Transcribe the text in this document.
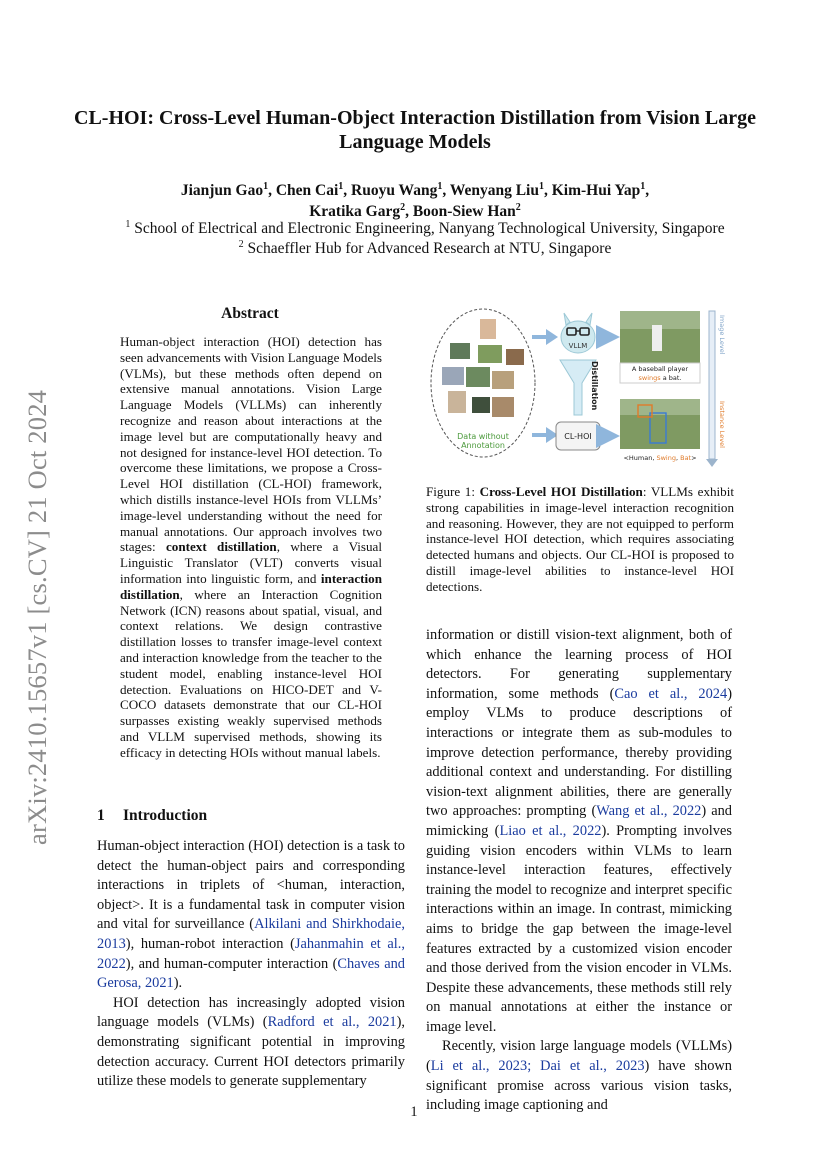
arXiv:2410.15657v1 [cs.CV] 21 Oct 2024
CL-HOI: Cross-Level Human-Object Interaction Distillation from Vision Large Language Models
Jianjun Gao$^1$, Chen Cai$^1$, Ruoyu Wang$^1$, Wenyang Liu$^1$, Kim-Hui Yap$^1$,
Kratika Garg$^2$, Boon-Siew Han$^2$
$^1$ School of Electrical and Electronic Engineering, Nanyang Technological University, Singapore
$^2$ Schaeffler Hub for Advanced Research at NTU, Singapore
Abstract
Human-object interaction (HOI) detection has seen advancements with Vision Language Models (VLMs), but these methods often depend on extensive manual annotations. Vision Large Language Models (VLLMs) can inherently recognize and reason about interactions at the image level but are computationally heavy and not designed for instance-level HOI detection. To overcome these limitations, we propose a Cross-Level HOI distillation (CL-HOI) framework, which distills instance-level HOIs from VLLMs’ image-level understanding without the need for manual annotations. Our approach involves two stages: context distillation, where a Visual Linguistic Translator (VLT) converts visual information into linguistic form, and interaction distillation, where an Interaction Cognition Network (ICN) reasons about spatial, visual, and context relations. We design contrastive distillation losses to transfer image-level context and interaction knowledge from the teacher to the student model, enabling instance-level HOI detection. Evaluations on HICO-DET and V-COCO datasets demonstrate that our CL-HOI surpasses existing weakly supervised methods and VLLM supervised methods, showing its efficacy in detecting HOIs without manual labels.
1 Introduction

Human-object interaction (HOI) detection is a task to detect the human-object pairs and corresponding interactions in triplets of <human, interaction, object>. It is a fundamental task in computer vision and vital for surveillance (Alkilani and Shirkhodaie, 2013), human-robot interaction (Jahanmahin et al., 2022), and human-computer interaction (Chaves and Gerosa, 2021).

HOI detection has increasingly adopted vision language models (VLMs) (Radford et al., 2021), demonstrating significant potential in improving detection accuracy. Current HOI detectors primarily utilize these models to generate supplementary

Data without
Annotation
VLLM
Distillation
CL-HOI
A baseball player
swings a bat.
<Human, Swing, Bat>
Image Level
Instance Level
Figure 1: Cross-Level HOI Distillation: VLLMs exhibit strong capabilities in image-level interaction recognition and reasoning. However, they are not equipped to perform instance-level HOI detection, which requires associating detected humans and objects. Our CL-HOI is proposed to distill image-level abilities to instance-level HOI detections.

information or distill vision-text alignment, both of which enhance the learning process of HOI detectors. For generating supplementary information, some methods (Cao et al., 2024) employ VLMs to produce descriptions of interactions or integrate them as sub-modules to improve detection performance, thereby providing additional context and understanding. For distilling vision-text alignment abilities, there are generally two approaches: prompting (Wang et al., 2022) and mimicking (Liao et al., 2022). Prompting involves guiding vision encoders within VLMs to learn instance-level interaction features, effectively training the model to recognize and interpret specific interactions within an image. In contrast, mimicking aims to bridge the gap between the image-level features extracted by a customized vision encoder and those derived from the vision encoder in VLMs. Despite these advancements, these methods still rely on manual annotations at either the instance or image level.

Recently, vision large language models (VLLMs) (Li et al., 2023; Dai et al., 2023) have shown significant promise across various vision tasks, including image captioning and

1
